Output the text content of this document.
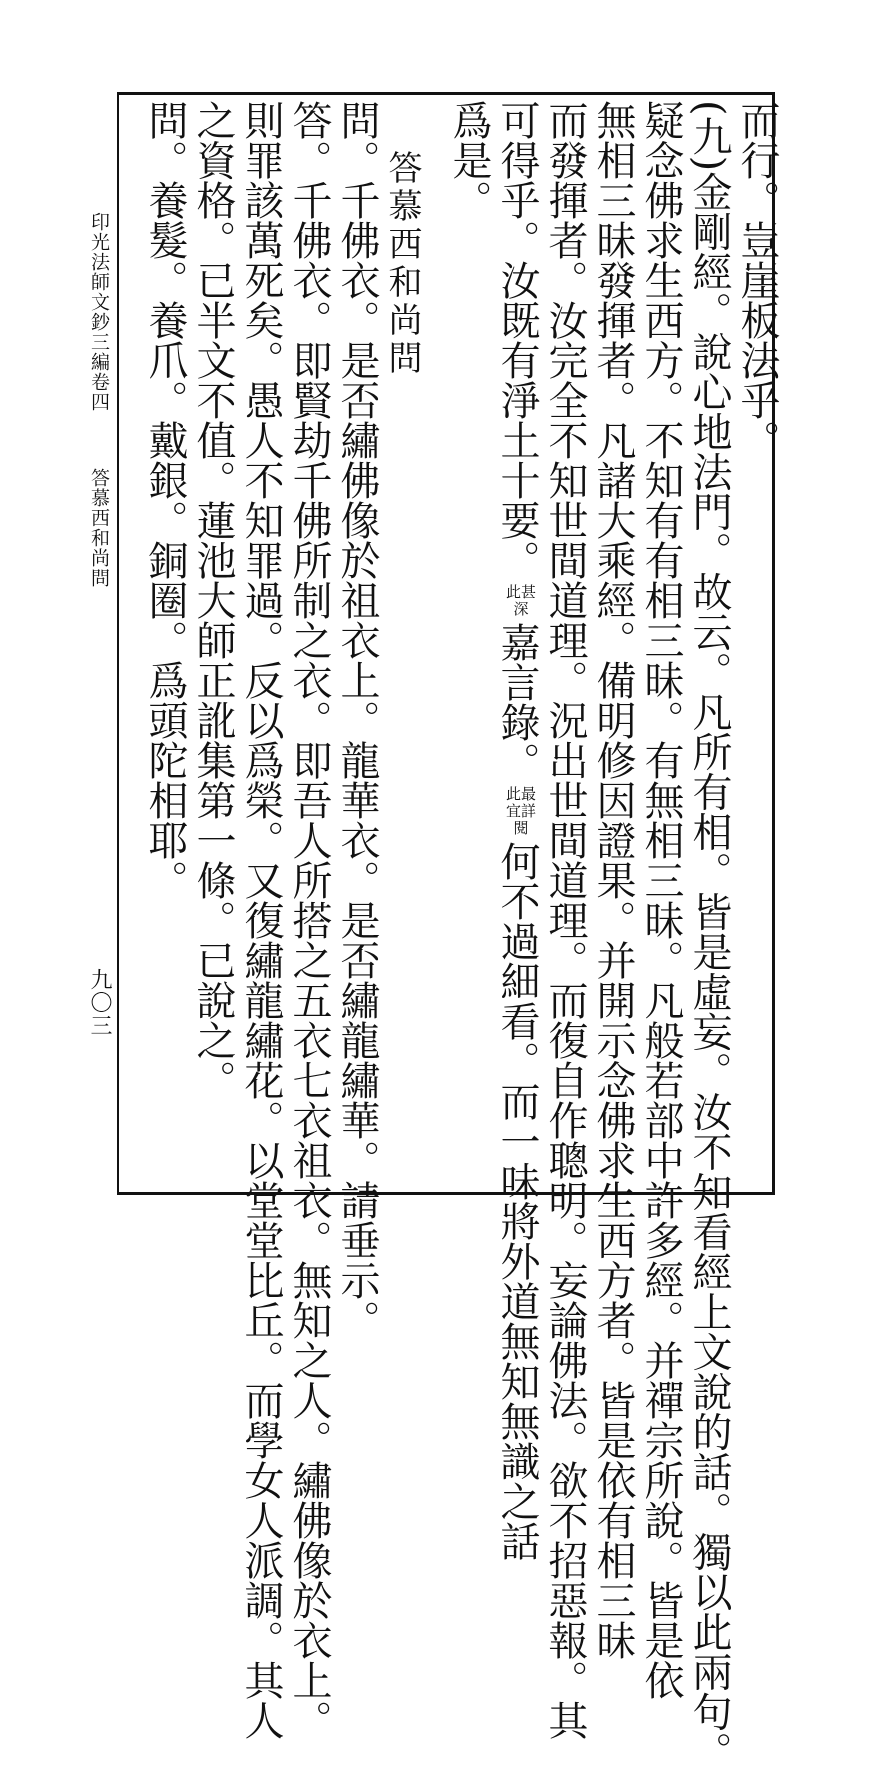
印光法師文鈔三編卷四
答慕西和尚問
九〇三
而行。豈崖板法乎。
(九)金剛經。說心地法門。故云。凡所有相。皆是虛妄。汝不知看經上文說的話。獨以此兩句。
疑念佛求生西方。不知有有相三昧。有無相三昧。凡般若部中許多經。并禪宗所說。皆是依
無相三昧發揮者。凡諸大乘經。備明修因證果。并開示念佛求生西方者。皆是依有相三昧
而發揮者。汝完全不知世間道理。況出世間道理。而復自作聰明。妄論佛法。欲不招惡報。其
可得乎。汝既有淨土十要。此甚深嘉言錄。此最宜詳閱何不過細看。而一味將外道無知無識之話
爲是。
答慕西和尚問
問。千佛衣。是否繡佛像於祖衣上。龍華衣。是否繡龍繡華。請垂示。
答。千佛衣。即賢劫千佛所制之衣。即吾人所搭之五衣七衣祖衣。無知之人。繡佛像於衣上。
則罪該萬死矣。愚人不知罪過。反以爲榮。又復繡龍繡花。以堂堂比丘。而學女人派調。其人
之資格。已半文不值。蓮池大師正訛集第一條。已說之。
問。養髮。養爪。戴銀。銅圈。爲頭陀相耶。
